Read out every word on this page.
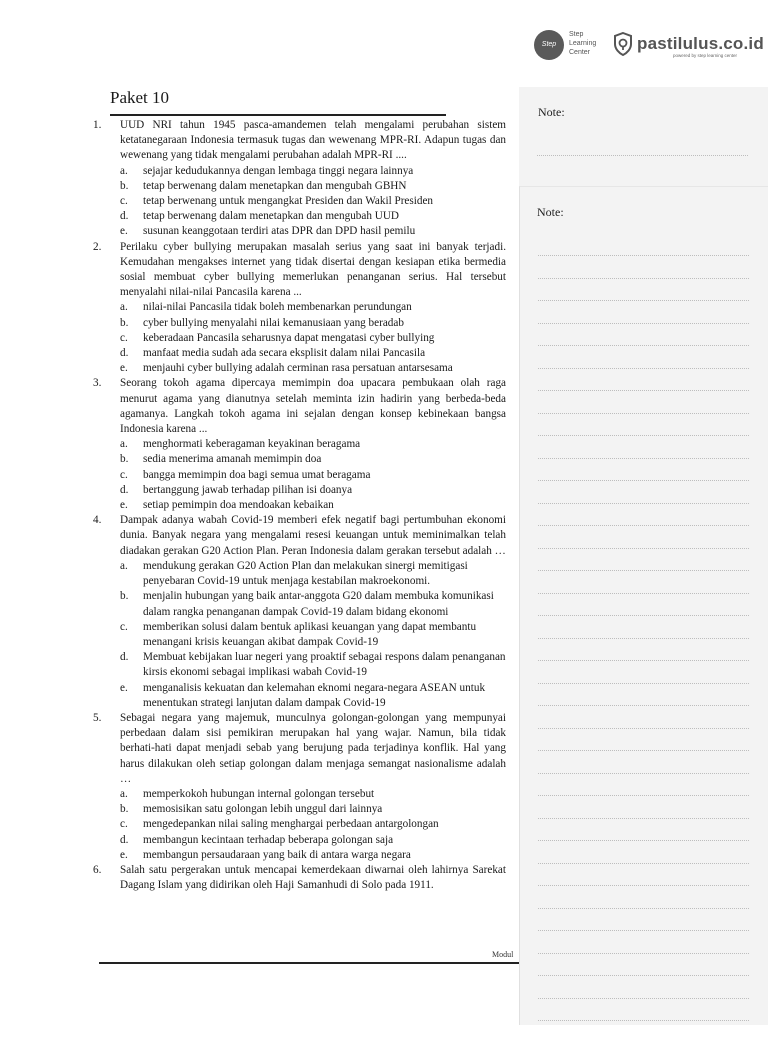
Step
Step Learning Center	pastilulus.co.id
powered by step learning center
Paket 10
1. UUD NRI tahun 1945 pasca-amandemen telah mengalami perubahan sistem ketatanegaraan Indonesia termasuk tugas dan wewenang MPR-RI. Adapun tugas dan wewenang yang tidak mengalami perubahan adalah MPR-RI ....
a. sejajar kedudukannya dengan lembaga tinggi negara lainnya
b. tetap berwenang dalam menetapkan dan mengubah GBHN
c. tetap berwenang untuk mengangkat Presiden dan Wakil Presiden
d. tetap berwenang dalam menetapkan dan mengubah UUD
e. susunan keanggotaan terdiri atas DPR dan DPD hasil pemilu
2. Perilaku cyber bullying merupakan masalah serius yang saat ini banyak terjadi. Kemudahan mengakses internet yang tidak disertai dengan kesiapan etika bermedia sosial membuat cyber bullying memerlukan penanganan serius. Hal tersebut menyalahi nilai-nilai Pancasila karena ...
a. nilai-nilai Pancasila tidak boleh membenarkan perundungan
b. cyber bullying menyalahi nilai kemanusiaan yang beradab
c. keberadaan Pancasila seharusnya dapat mengatasi cyber bullying
d. manfaat media sudah ada secara eksplisit dalam nilai Pancasila
e. menjauhi cyber bullying adalah cerminan rasa persatuan antarsesama
3. Seorang tokoh agama dipercaya memimpin doa upacara pembukaan olah raga menurut agama yang dianutnya setelah meminta izin hadirin yang berbeda-beda agamanya. Langkah tokoh agama ini sejalan dengan konsep kebinekaan bangsa Indonesia karena ...
a. menghormati keberagaman keyakinan beragama
b. sedia menerima amanah memimpin doa
c. bangga memimpin doa bagi semua umat beragama
d. bertanggung jawab terhadap pilihan isi doanya
e. setiap pemimpin doa mendoakan kebaikan
4. Dampak adanya wabah Covid-19 memberi efek negatif bagi pertumbuhan ekonomi dunia. Banyak negara yang mengalami resesi keuangan untuk meminimalkan telah diadakan gerakan G20 Action Plan. Peran Indonesia dalam gerakan tersebut adalah …
a. mendukung gerakan G20 Action Plan dan melakukan sinergi memitigasi penyebaran Covid-19 untuk menjaga kestabilan makroekonomi.
b. menjalin hubungan yang baik antar-anggota G20 dalam membuka komunikasi dalam rangka penanganan dampak Covid-19 dalam bidang ekonomi
c. memberikan solusi dalam bentuk aplikasi keuangan yang dapat membantu menangani krisis keuangan akibat dampak Covid-19
d. Membuat kebijakan luar negeri yang proaktif sebagai respons dalam penanganan kirsis ekonomi sebagai implikasi wabah Covid-19
e. menganalisis kekuatan dan kelemahan eknomi negara-negara ASEAN untuk menentukan strategi lanjutan dalam dampak Covid-19
5. Sebagai negara yang majemuk, munculnya golongan-golongan yang mempunyai perbedaan dalam sisi pemikiran merupakan hal yang wajar. Namun, bila tidak berhati-hati dapat menjadi sebab yang berujung pada terjadinya konflik. Hal yang harus dilakukan oleh setiap golongan dalam menjaga semangat nasionalisme adalah …
a. memperkokoh hubungan internal golongan tersebut
b. memosisikan satu golongan lebih unggul dari lainnya
c. mengedepankan nilai saling menghargai perbedaan antargolongan
d. membangun kecintaan terhadap beberapa golongan saja
e. membangun persaudaraan yang baik di antara warga negara
6. Salah satu pergerakan untuk mencapai kemerdekaan diwarnai oleh lahirnya Sarekat Dagang Islam yang didirikan oleh Haji Samanhudi di Solo pada 1911.
Modul
Note:
Note:
